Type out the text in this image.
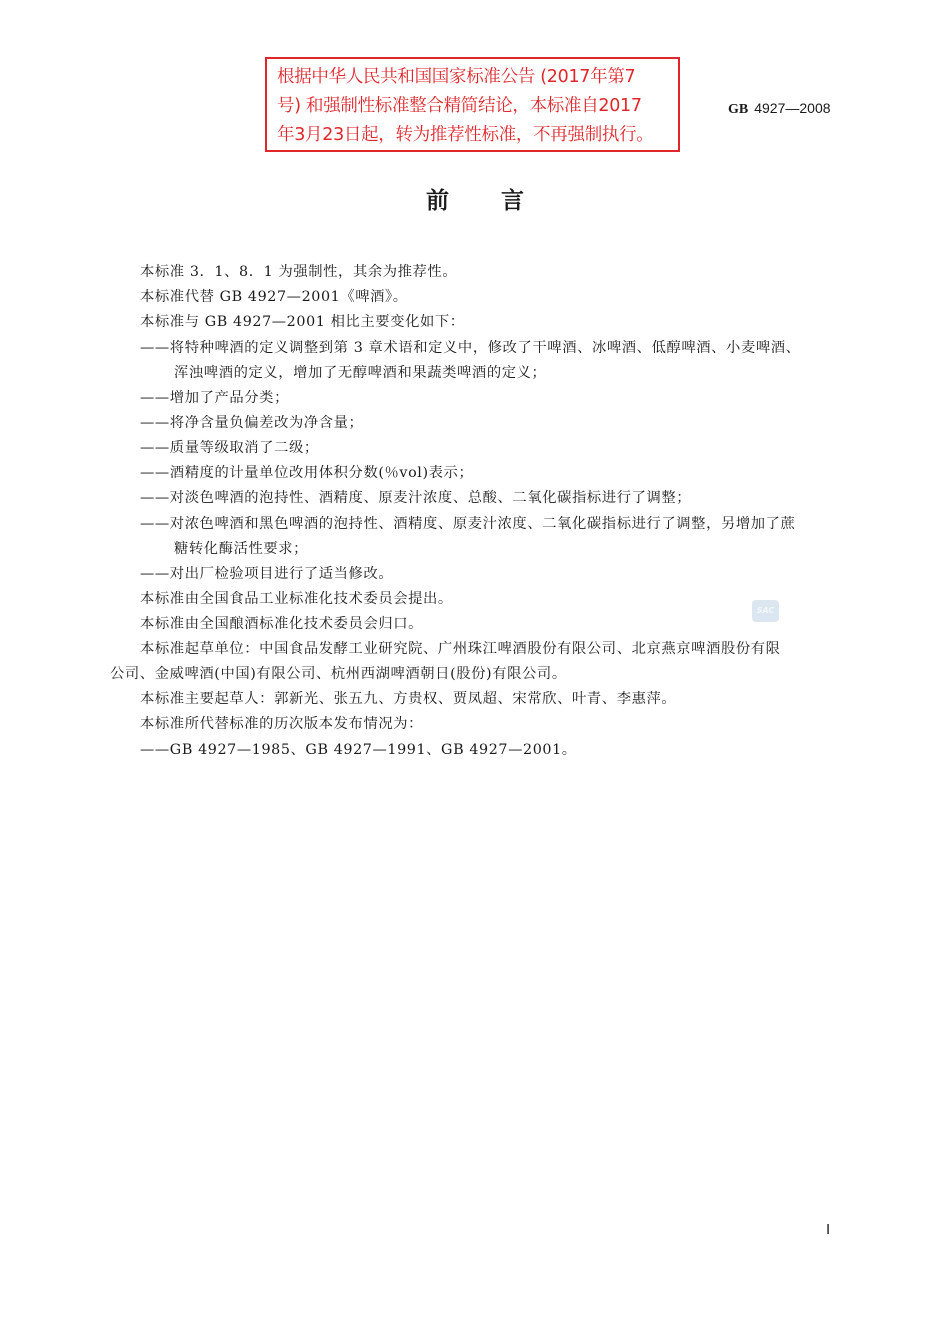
根据中华人民共和国国家标准公告 (2017年第7
号) 和强制性标准整合精简结论，本标准自2017
年3月23日起，转为推荐性标准，不再强制执行。
GB 4927—2008
前言
本标准 3．1、8．1 为强制性，其余为推荐性。
本标准代替 GB 4927—2001《啤酒》。
本标准与 GB 4927—2001 相比主要变化如下：
——将特种啤酒的定义调整到第 3 章术语和定义中，修改了干啤酒、冰啤酒、低醇啤酒、小麦啤酒、
浑浊啤酒的定义，增加了无醇啤酒和果蔬类啤酒的定义；
——增加了产品分类；
——将净含量负偏差改为净含量；
——质量等级取消了二级；
——酒精度的计量单位改用体积分数(％vol)表示；
——对淡色啤酒的泡持性、酒精度、原麦汁浓度、总酸、二氧化碳指标进行了调整；
——对浓色啤酒和黑色啤酒的泡持性、酒精度、原麦汁浓度、二氧化碳指标进行了调整，另增加了蔗
糖转化酶活性要求；
——对出厂检验项目进行了适当修改。
本标准由全国食品工业标准化技术委员会提出。
本标准由全国酿酒标准化技术委员会归口。
本标准起草单位：中国食品发酵工业研究院、广州珠江啤酒股份有限公司、北京燕京啤酒股份有限
公司、金威啤酒(中国)有限公司、杭州西湖啤酒朝日(股份)有限公司。
本标准主要起草人：郭新光、张五九、方贵权、贾凤超、宋常欣、叶青、李惠萍。
本标准所代替标准的历次版本发布情况为：
——GB 4927—1985、GB 4927—1991、GB 4927—2001。
SAC
Ⅰ
